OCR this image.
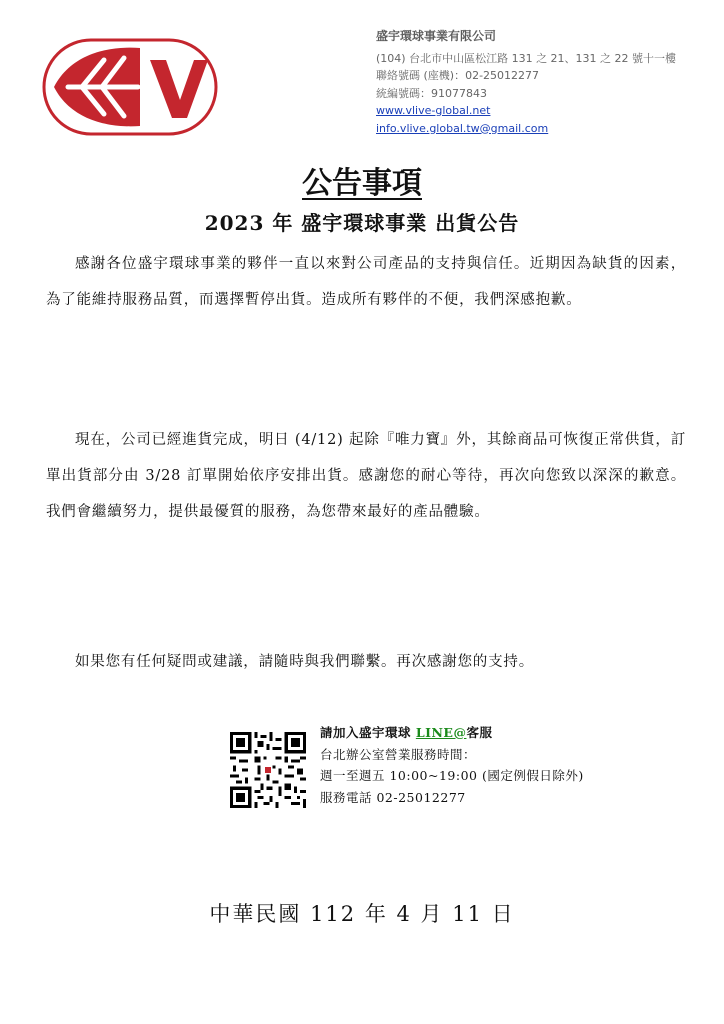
盛宇環球事業有限公司
(104) 台北市中山區松江路 131 之 21、131 之 22 號十一樓
聯絡號碼 (座機)：02-25012277
統編號碼：91077843
www.vlive-global.net
info.vlive.global.tw@gmail.com
公告事項
2023 年 盛宇環球事業 出貨公告
感謝各位盛宇環球事業的夥伴一直以來對公司產品的支持與信任。近期因為缺貨的因素，為了能維持服務品質，而選擇暫停出貨。造成所有夥伴的不便，我們深感抱歉。
現在，公司已經進貨完成，明日 (4/12) 起除『唯力寶』外，其餘商品可恢復正常供貨，訂單出貨部分由 3/28 訂單開始依序安排出貨。感謝您的耐心等待，再次向您致以深深的歉意。我們會繼續努力，提供最優質的服務，為您帶來最好的產品體驗。
如果您有任何疑問或建議，請隨時與我們聯繫。再次感謝您的支持。
請加入盛宇環球 LINE@客服
台北辦公室營業服務時間：
週一至週五 10:00~19:00 (國定例假日除外)
服務電話 02-25012277
中華民國 112 年 4 月 11 日
